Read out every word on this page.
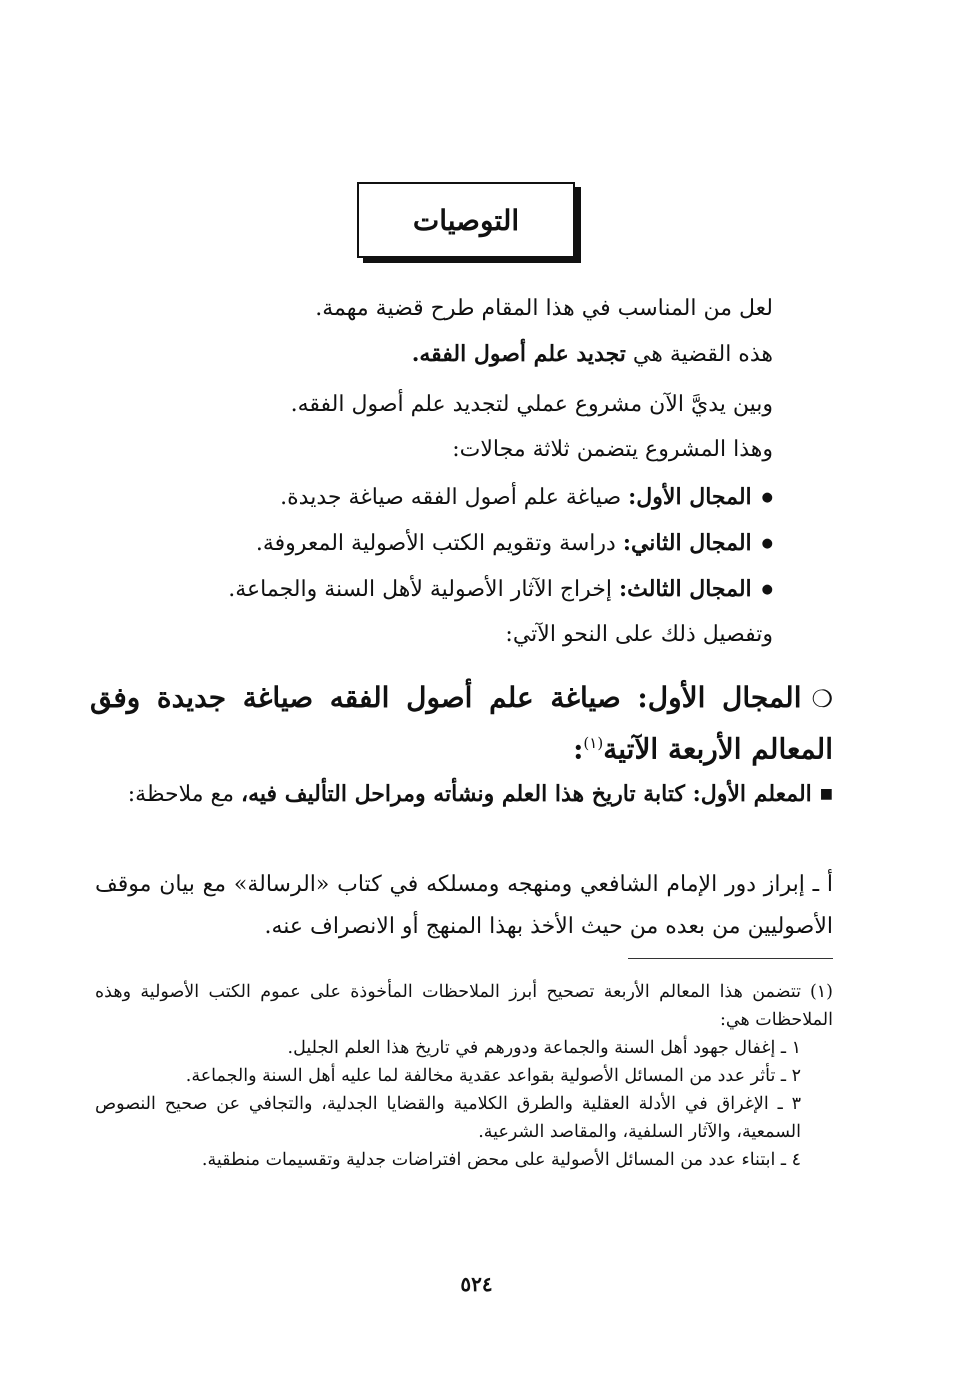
التوصيات
لعل من المناسب في هذا المقام طرح قضية مهمة.
هذه القضية هي تجديد علم أصول الفقه.
وبين يديَّ الآن مشروع عملي لتجديد علم أصول الفقه.
وهذا المشروع يتضمن ثلاثة مجالات:
● المجال الأول: صياغة علم أصول الفقه صياغة جديدة.
● المجال الثاني: دراسة وتقويم الكتب الأصولية المعروفة.
● المجال الثالث: إخراج الآثار الأصولية لأهل السنة والجماعة.
وتفصيل ذلك على النحو الآتي:
❍المجال الأول: صياغة علم أصول الفقه صياغة جديدة وفق المعالم الأربعة الآتية$^{(١)}$:
■المعلم الأول: كتابة تاريخ هذا العلم ونشأته ومراحل التأليف فيه، مع ملاحظة:
أ ـ إبراز دور الإمام الشافعي ومنهجه ومسلكه في كتاب «الرسالة» مع بيان موقف الأصوليين من بعده من حيث الأخذ بهذا المنهج أو الانصراف عنه.
(١)تتضمن هذا المعالم الأربعة تصحيح أبرز الملاحظات المأخوذة على عموم الكتب الأصولية وهذه الملاحظات هي:
١ ـ إغفال جهود أهل السنة والجماعة ودورهم في تاريخ هذا العلم الجليل.
٢ ـ تأثر عدد من المسائل الأصولية بقواعد عقدية مخالفة لما عليه أهل السنة والجماعة.
٣ ـ الإغراق في الأدلة العقلية والطرق الكلامية والقضايا الجدلية، والتجافي عن صحيح النصوص السمعية، والآثار السلفية، والمقاصد الشرعية.
٤ ـ ابتناء عدد من المسائل الأصولية على محض افتراضات جدلية وتقسيمات منطقية.
٥٢٤
